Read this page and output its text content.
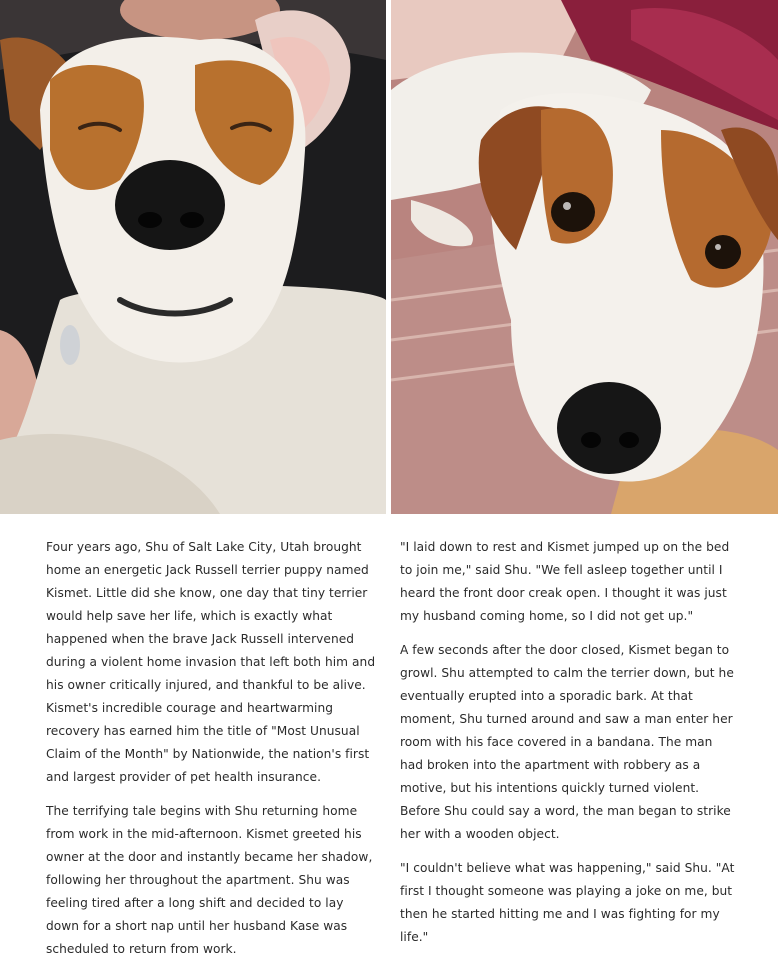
Four years ago, Shu of Salt Lake City, Utah brought home an energetic Jack Russell terrier puppy named Kismet. Little did she know, one day that tiny terrier would help save her life, which is exactly what happened when the brave Jack Russell intervened during a violent home invasion that left both him and his owner critically injured, and thankful to be alive. Kismet's incredible courage and heartwarming recovery has earned him the title of "Most Unusual Claim of the Month" by Nationwide, the nation's first and largest provider of pet health insurance.

The terrifying tale begins with Shu returning home from work in the mid-afternoon. Kismet greeted his owner at the door and instantly became her shadow, following her throughout the apartment. Shu was feeling tired after a long shift and decided to lay down for a short nap until her husband Kase was scheduled to return from work.

"I laid down to rest and Kismet jumped up on the bed to join me," said Shu. "We fell asleep together until I heard the front door creak open. I thought it was just my husband coming home, so I did not get up."

A few seconds after the door closed, Kismet began to growl. Shu attempted to calm the terrier down, but he eventually erupted into a sporadic bark. At that moment, Shu turned around and saw a man enter her room with his face covered in a bandana. The man had broken into the apartment with robbery as a motive, but his intentions quickly turned violent. Before Shu could say a word, the man began to strike her with a wooden object.

"I couldn't believe what was happening," said Shu. "At first I thought someone was playing a joke on me, but then he started hitting me and I was fighting for my life."
